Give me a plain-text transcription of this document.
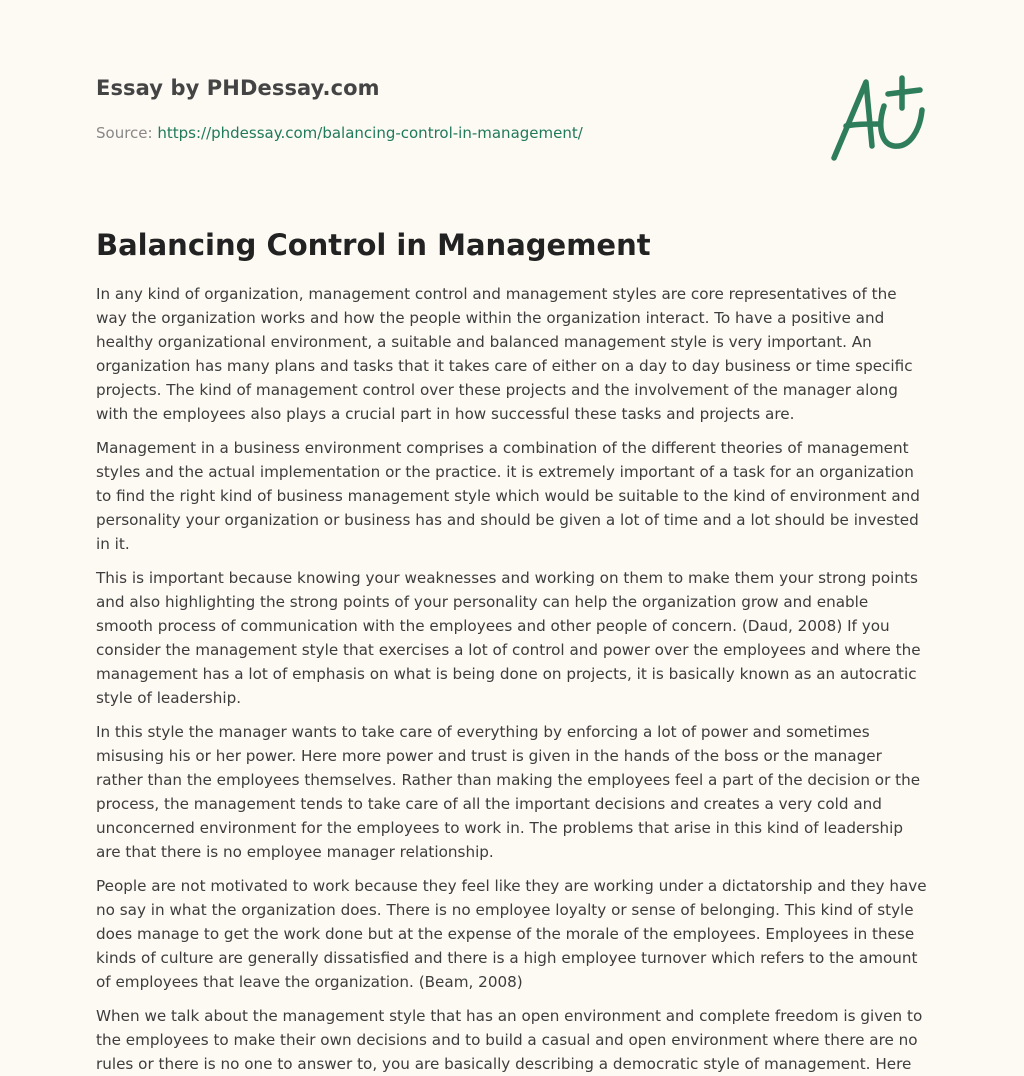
Essay by PHDessay.com
Source: https://phdessay.com/balancing-control-in-management/
Balancing Control in Management

In any kind of organization, management control and management styles are core representatives of the way the organization works and how the people within the organization interact. To have a positive and healthy organizational environment, a suitable and balanced management style is very important. An organization has many plans and tasks that it takes care of either on a day to day business or time specific projects. The kind of management control over these projects and the involvement of the manager along with the employees also plays a crucial part in how successful these tasks and projects are.

Management in a business environment comprises a combination of the different theories of management styles and the actual implementation or the practice. it is extremely important of a task for an organization to find the right kind of business management style which would be suitable to the kind of environment and personality your organization or business has and should be given a lot of time and a lot should be invested in it.

This is important because knowing your weaknesses and working on them to make them your strong points and also highlighting the strong points of your personality can help the organization grow and enable smooth process of communication with the employees and other people of concern. (Daud, 2008) If you consider the management style that exercises a lot of control and power over the employees and where the management has a lot of emphasis on what is being done on projects, it is basically known as an autocratic style of leadership.

In this style the manager wants to take care of everything by enforcing a lot of power and sometimes misusing his or her power. Here more power and trust is given in the hands of the boss or the manager rather than the employees themselves. Rather than making the employees feel a part of the decision or the process, the management tends to take care of all the important decisions and creates a very cold and unconcerned environment for the employees to work in. The problems that arise in this kind of leadership are that there is no employee manager relationship.

People are not motivated to work because they feel like they are working under a dictatorship and they have no say in what the organization does. There is no employee loyalty or sense of belonging. This kind of style does manage to get the work done but at the expense of the morale of the employees. Employees in these kinds of culture are generally dissatisfied and there is a high employee turnover which refers to the amount of employees that leave the organization. (Beam, 2008)

When we talk about the management style that has an open environment and complete freedom is given to the employees to make their own decisions and to build a casual and open environment where there are no rules or there is no one to answer to, you are basically describing a democratic style of management. Here
